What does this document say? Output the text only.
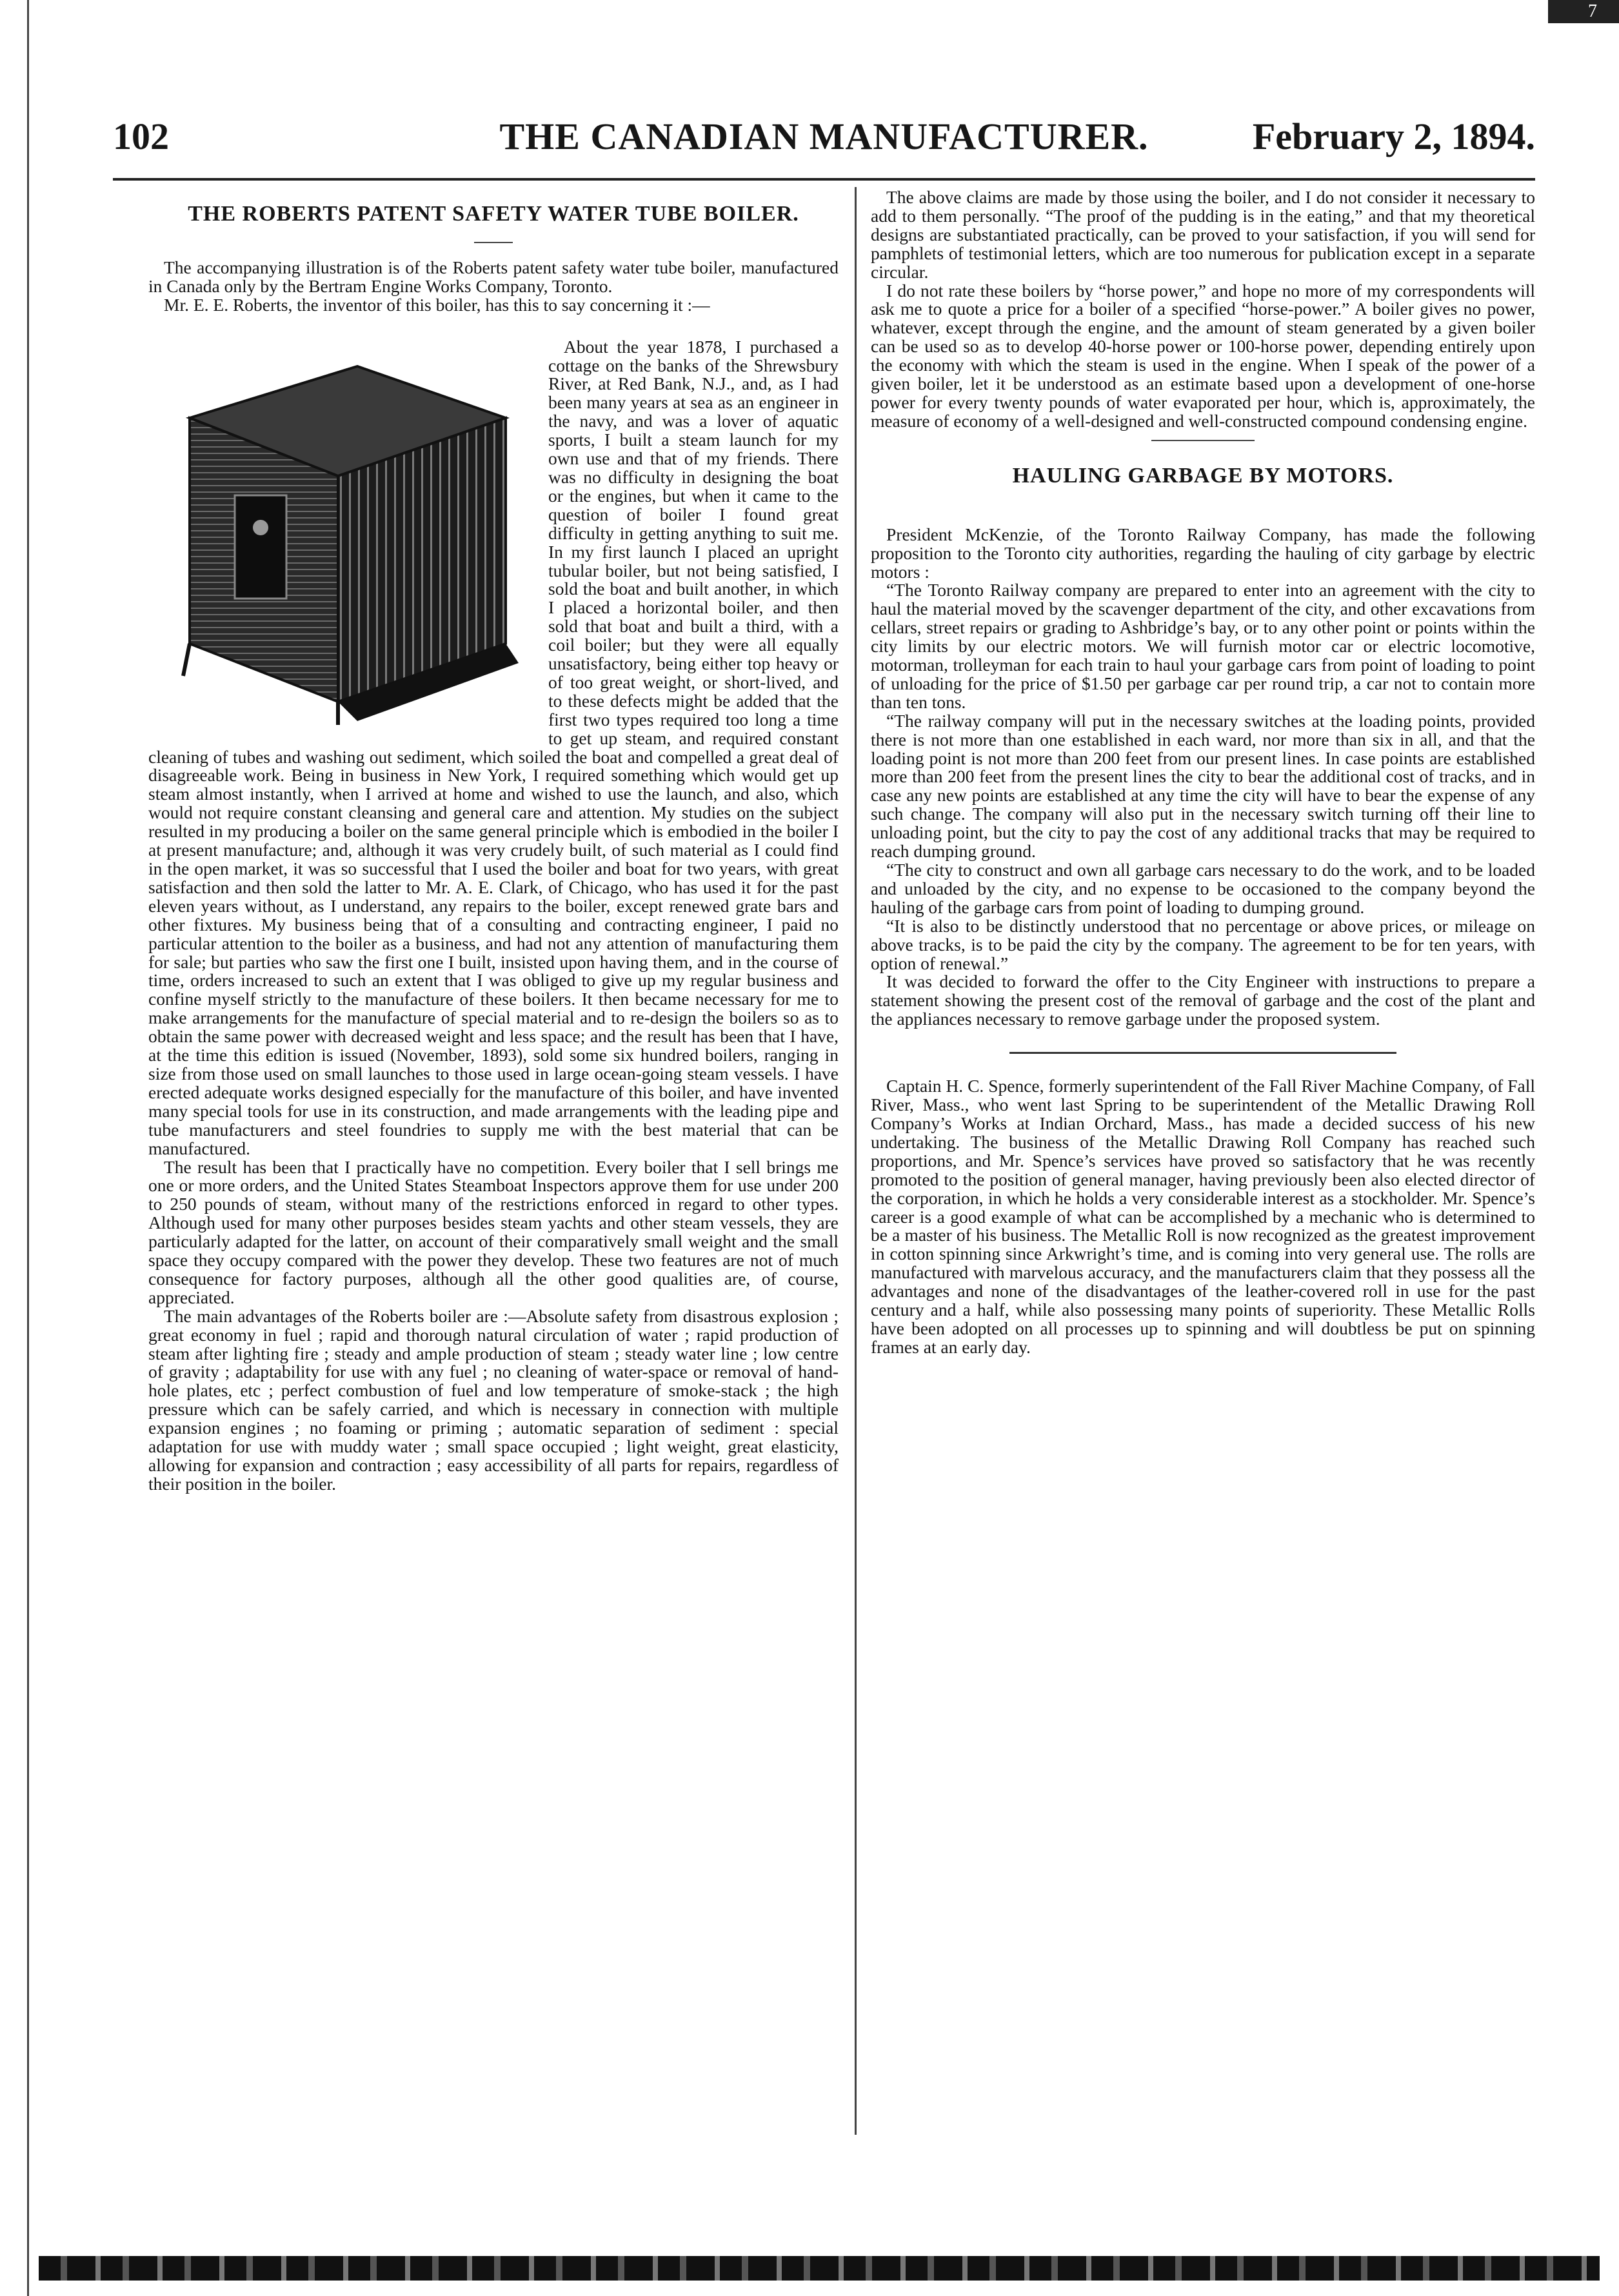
7
102	THE CANADIAN MANUFACTURER.	February 2, 1894.
THE ROBERTS PATENT SAFETY WATER TUBE BOILER.

The accompanying illustration is of the Roberts patent safety water tube boiler, manufactured in Canada only by the Bertram Engine Works Company, Toronto.

Mr. E. E. Roberts, the inventor of this boiler, has this to say concerning it :—

About the year 1878, I purchased a cottage on the banks of the Shrewsbury River, at Red Bank, N.J., and, as I had been many years at sea as an engineer in the navy, and was a lover of aquatic sports, I built a steam launch for my own use and that of my friends. There was no difficulty in designing the boat or the engines, but when it came to the question of boiler I found great difficulty in getting anything to suit me. In my first launch I placed an upright tubular boiler, but not being satisfied, I sold the boat and built another, in which I placed a horizontal boiler, and then sold that boat and built a third, with a coil boiler; but they were all equally unsatisfactory, being either top heavy or of too great weight, or short-lived, and to these defects might be added that the first two types required too long a time to get up steam, and required constant cleaning of tubes and washing out sediment, which soiled the boat and compelled a great deal of disagreeable work. Being in business in New York, I required something which would get up steam almost instantly, when I arrived at home and wished to use the launch, and also, which would not require constant cleansing and general care and attention. My studies on the subject resulted in my producing a boiler on the same general principle which is embodied in the boiler I at present manufacture; and, although it was very crudely built, of such material as I could find in the open market, it was so successful that I used the boiler and boat for two years, with great satisfaction and then sold the latter to Mr. A. E. Clark, of Chicago, who has used it for the past eleven years without, as I understand, any repairs to the boiler, except renewed grate bars and other fixtures. My business being that of a consulting and contracting engineer, I paid no particular attention to the boiler as a business, and had not any attention of manufacturing them for sale; but parties who saw the first one I built, insisted upon having them, and in the course of time, orders increased to such an extent that I was obliged to give up my regular business and confine myself strictly to the manufacture of these boilers. It then became necessary for me to make arrangements for the manufacture of special material and to re-design the boilers so as to obtain the same power with decreased weight and less space; and the result has been that I have, at the time this edition is issued (November, 1893), sold some six hundred boilers, ranging in size from those used on small launches to those used in large ocean-going steam vessels. I have erected adequate works designed especially for the manufacture of this boiler, and have invented many special tools for use in its construction, and made arrangements with the leading pipe and tube manufacturers and steel foundries to supply me with the best material that can be manufactured.

The result has been that I practically have no competition. Every boiler that I sell brings me one or more orders, and the United States Steamboat Inspectors approve them for use under 200 to 250 pounds of steam, without many of the restrictions enforced in regard to other types. Although used for many other purposes besides steam yachts and other steam vessels, they are particularly adapted for the latter, on account of their comparatively small weight and the small space they occupy compared with the power they develop. These two features are not of much consequence for factory purposes, although all the other good qualities are, of course, appreciated.

The main advantages of the Roberts boiler are :—Absolute safety from disastrous explosion ; great economy in fuel ; rapid and thorough natural circulation of water ; rapid production of steam after lighting fire ; steady and ample production of steam ; steady water line ; low centre of gravity ; adaptability for use with any fuel ; no cleaning of water-space or removal of hand-hole plates, etc ; perfect combustion of fuel and low temperature of smoke-stack ; the high pressure which can be safely carried, and which is necessary in connection with multiple expansion engines ; no foaming or priming ; automatic separation of sediment : special adaptation for use with muddy water ; small space occupied ; light weight, great elasticity, allowing for expansion and contraction ; easy accessibility of all parts for repairs, regardless of their position in the boiler.

The above claims are made by those using the boiler, and I do not consider it necessary to add to them personally. “The proof of the pudding is in the eating,” and that my theoretical designs are substantiated practically, can be proved to your satisfaction, if you will send for pamphlets of testimonial letters, which are too numerous for publication except in a separate circular.

I do not rate these boilers by “horse power,” and hope no more of my correspondents will ask me to quote a price for a boiler of a specified “horse-power.” A boiler gives no power, whatever, except through the engine, and the amount of steam generated by a given boiler can be used so as to develop 40-horse power or 100-horse power, depending entirely upon the economy with which the steam is used in the engine. When I speak of the power of a given boiler, let it be understood as an estimate based upon a development of one-horse power for every twenty pounds of water evaporated per hour, which is, approximately, the measure of economy of a well-designed and well-constructed compound condensing engine.

HAULING GARBAGE BY MOTORS.

President McKenzie, of the Toronto Railway Company, has made the following proposition to the Toronto city authorities, regarding the hauling of city garbage by electric motors :

“The Toronto Railway company are prepared to enter into an agreement with the city to haul the material moved by the scavenger department of the city, and other excavations from cellars, street repairs or grading to Ashbridge’s bay, or to any other point or points within the city limits by our electric motors. We will furnish motor car or electric locomotive, motorman, trolleyman for each train to haul your garbage cars from point of loading to point of unloading for the price of $1.50 per garbage car per round trip, a car not to contain more than ten tons.

“The railway company will put in the necessary switches at the loading points, provided there is not more than one established in each ward, nor more than six in all, and that the loading point is not more than 200 feet from our present lines. In case points are established more than 200 feet from the present lines the city to bear the additional cost of tracks, and in case any new points are established at any time the city will have to bear the expense of any such change. The company will also put in the necessary switch turning off their line to unloading point, but the city to pay the cost of any additional tracks that may be required to reach dumping ground.

“The city to construct and own all garbage cars necessary to do the work, and to be loaded and unloaded by the city, and no expense to be occasioned to the company beyond the hauling of the garbage cars from point of loading to dumping ground.

“It is also to be distinctly understood that no percentage or above prices, or mileage on above tracks, is to be paid the city by the company. The agreement to be for ten years, with option of renewal.”

It was decided to forward the offer to the City Engineer with instructions to prepare a statement showing the present cost of the removal of garbage and the cost of the plant and the appliances necessary to remove garbage under the proposed system.

Captain H. C. Spence, formerly superintendent of the Fall River Machine Company, of Fall River, Mass., who went last Spring to be superintendent of the Metallic Drawing Roll Company’s Works at Indian Orchard, Mass., has made a decided success of his new undertaking. The business of the Metallic Drawing Roll Company has reached such proportions, and Mr. Spence’s services have proved so satisfactory that he was recently promoted to the position of general manager, having previously been also elected director of the corporation, in which he holds a very considerable interest as a stockholder. Mr. Spence’s career is a good example of what can be accomplished by a mechanic who is determined to be a master of his business. The Metallic Roll is now recognized as the greatest improvement in cotton spinning since Arkwright’s time, and is coming into very general use. The rolls are manufactured with marvelous accuracy, and the manufacturers claim that they possess all the advantages and none of the disadvantages of the leather-covered roll in use for the past century and a half, while also possessing many points of superiority. These Metallic Rolls have been adopted on all processes up to spinning and will doubtless be put on spinning frames at an early day.
